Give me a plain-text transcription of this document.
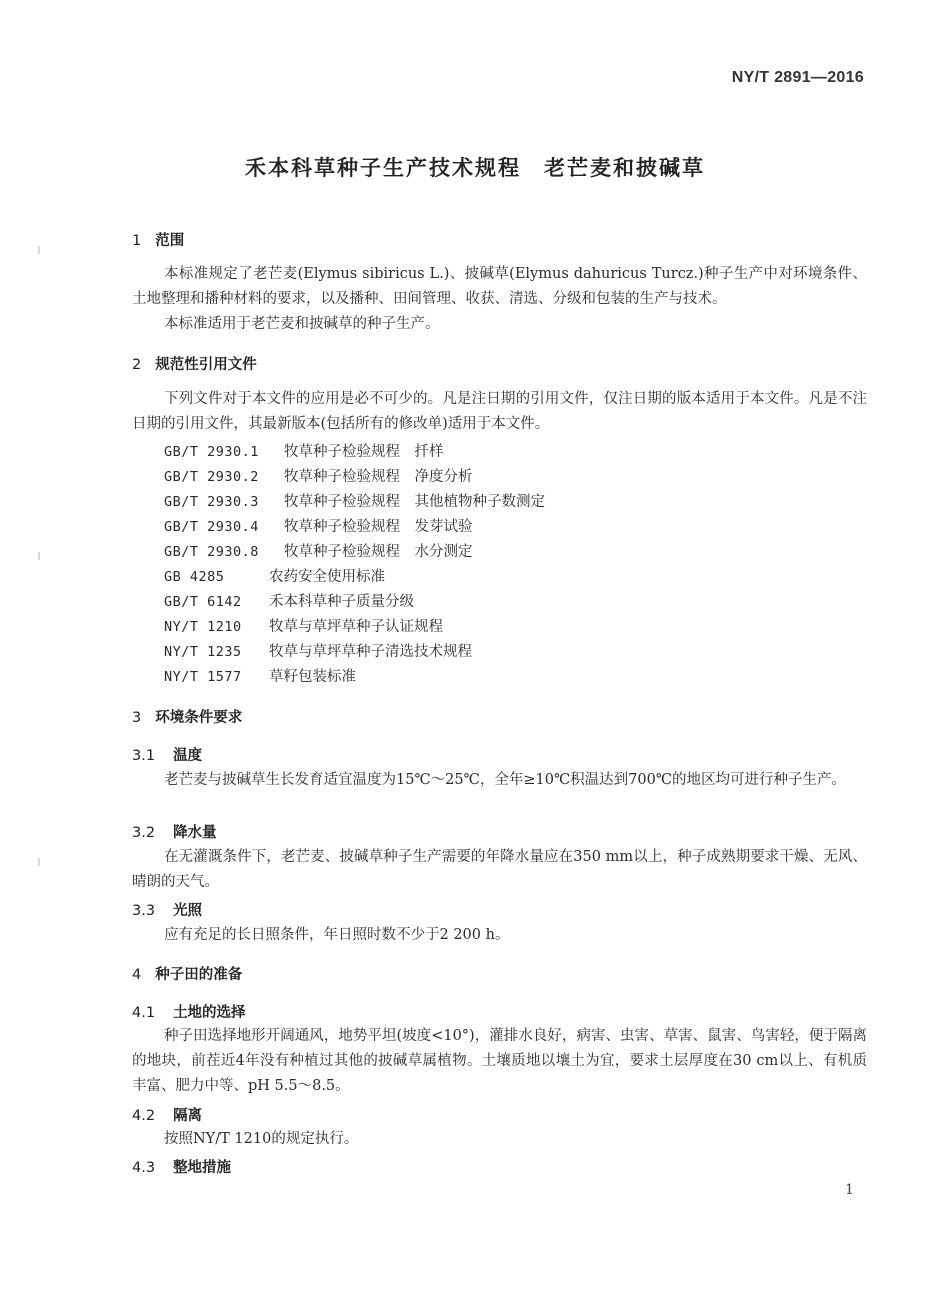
NY/T 2891—2016
禾本科草种子生产技术规程　老芒麦和披碱草
1 范围
本标准规定了老芒麦(Elymus sibiricus L.)、披碱草(Elymus dahuricus Turcz.)种子生产中对环境条件、土地整理和播种材料的要求，以及播种、田间管理、收获、清选、分级和包装的生产与技术。
本标准适用于老芒麦和披碱草的种子生产。
2 规范性引用文件
下列文件对于本文件的应用是必不可少的。凡是注日期的引用文件，仅注日期的版本适用于本文件。凡是不注日期的引用文件，其最新版本(包括所有的修改单)适用于本文件。
GB/T 2930.1 牧草种子检验规程　扦样
GB/T 2930.2 牧草种子检验规程　净度分析
GB/T 2930.3 牧草种子检验规程　其他植物种子数测定
GB/T 2930.4 牧草种子检验规程　发芽试验
GB/T 2930.8 牧草种子检验规程　水分测定
GB 4285	农药安全使用标准
GB/T 6142 禾本科草种子质量分级
NY/T 1210 牧草与草坪草种子认证规程
NY/T 1235 牧草与草坪草种子清选技术规程
NY/T 1577 草籽包装标准
3 环境条件要求
3.1 温度
老芒麦与披碱草生长发育适宜温度为15℃～25℃，全年≥10℃积温达到700℃的地区均可进行种子生产。
3.2 降水量
在无灌溉条件下，老芒麦、披碱草种子生产需要的年降水量应在350 mm以上，种子成熟期要求干燥、无风、晴朗的天气。
3.3 光照
应有充足的长日照条件，年日照时数不少于2 200 h。
4 种子田的准备
4.1 土地的选择
种子田选择地形开阔通风，地势平坦(坡度<10°)，灌排水良好，病害、虫害、草害、鼠害、鸟害轻，便于隔离的地块，前茬近4年没有种植过其他的披碱草属植物。土壤质地以壤土为宜，要求土层厚度在30 cm以上、有机质丰富、肥力中等、pH 5.5～8.5。
4.2 隔离
按照NY/T 1210的规定执行。
4.3 整地措施
1
